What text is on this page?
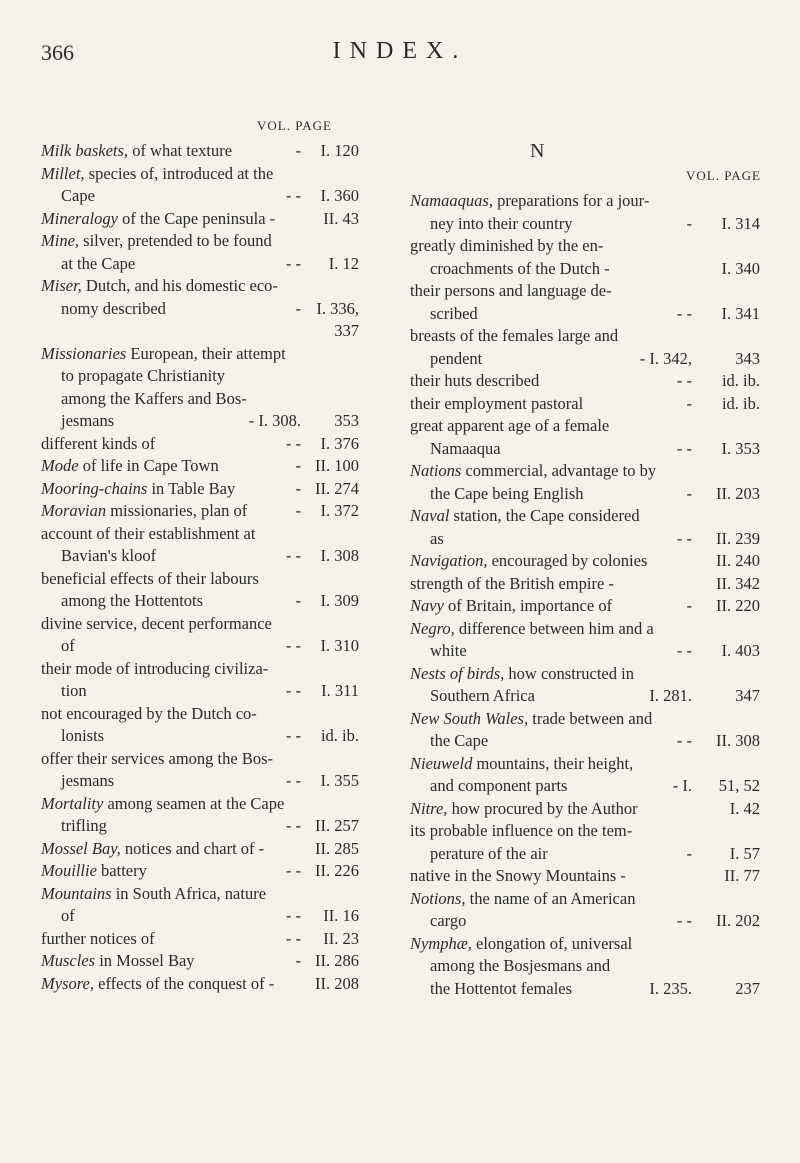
366	INDEX.
VOL. PAGE
N
VOL. PAGE
Milk baskets, of what texture	- I. 120
Millet, species of, introduced at the
Cape	- - I. 360
Mineralogy of the Cape peninsula -	II. 43
Mine, silver, pretended to be found
at the Cape	- - I. 12
Miser, Dutch, and his domestic eco-
nomy described	- I. 336,
337
Missionaries European, their attempt
to propagate Christianity
among the Kaffers and Bos-
jesmans	- I. 308. 353
different kinds of	- - I. 376
Mode of life in Cape Town	- II. 100
Mooring-chains in Table Bay	- II. 274
Moravian missionaries, plan of	- I. 372
account of their establishment at
Bavian's kloof	- - I. 308
beneficial effects of their labours
among the Hottentots	- I. 309
divine service, decent performance
of	- - I. 310
their mode of introducing civiliza-
tion	- - I. 311
not encouraged by the Dutch co-
lonists	- - id. ib.
offer their services among the Bos-
jesmans	- - I. 355
Mortality among seamen at the Cape
trifling	- - II. 257
Mossel Bay, notices and chart of -	II. 285
Mouillie battery	- - II. 226
Mountains in South Africa, nature
of	- - II. 16
further notices of	- - II. 23
Muscles in Mossel Bay	- II. 286
Mysore, effects of the conquest of - II. 208
Namaaquas, preparations for a jour-
ney into their country	- I. 314
greatly diminished by the en-
croachments of the Dutch -	I. 340
their persons and language de-
scribed	- - I. 341
breasts of the females large and
pendent	- I. 342,	343
their huts described	- - id. ib.
their employment pastoral	- id. ib.
great apparent age of a female
Namaaqua	- - I. 353
Nations commercial, advantage to by
the Cape being English	- II. 203
Naval station, the Cape considered
as	- - II. 239
Navigation, encouraged by colonies	II. 240
strength of the British empire -	II. 342
Navy of Britain, importance of	- II. 220
Negro, difference between him and a
white	- - I. 403
Nests of birds, how constructed in
Southern Africa	I. 281.	347
New South Wales, trade between and
the Cape	- - II. 308
Nieuweld mountains, their height,
and component parts	- I. 51, 52
Nitre, how procured by the Author	I. 42
its probable influence on the tem-
perature of the air	- I. 57
native in the Snowy Mountains -	II. 77
Notions, the name of an American
cargo	- - II. 202
Nymphæ, elongation of, universal
among the Bosjesmans and
the Hottentot females	I. 235.	237
